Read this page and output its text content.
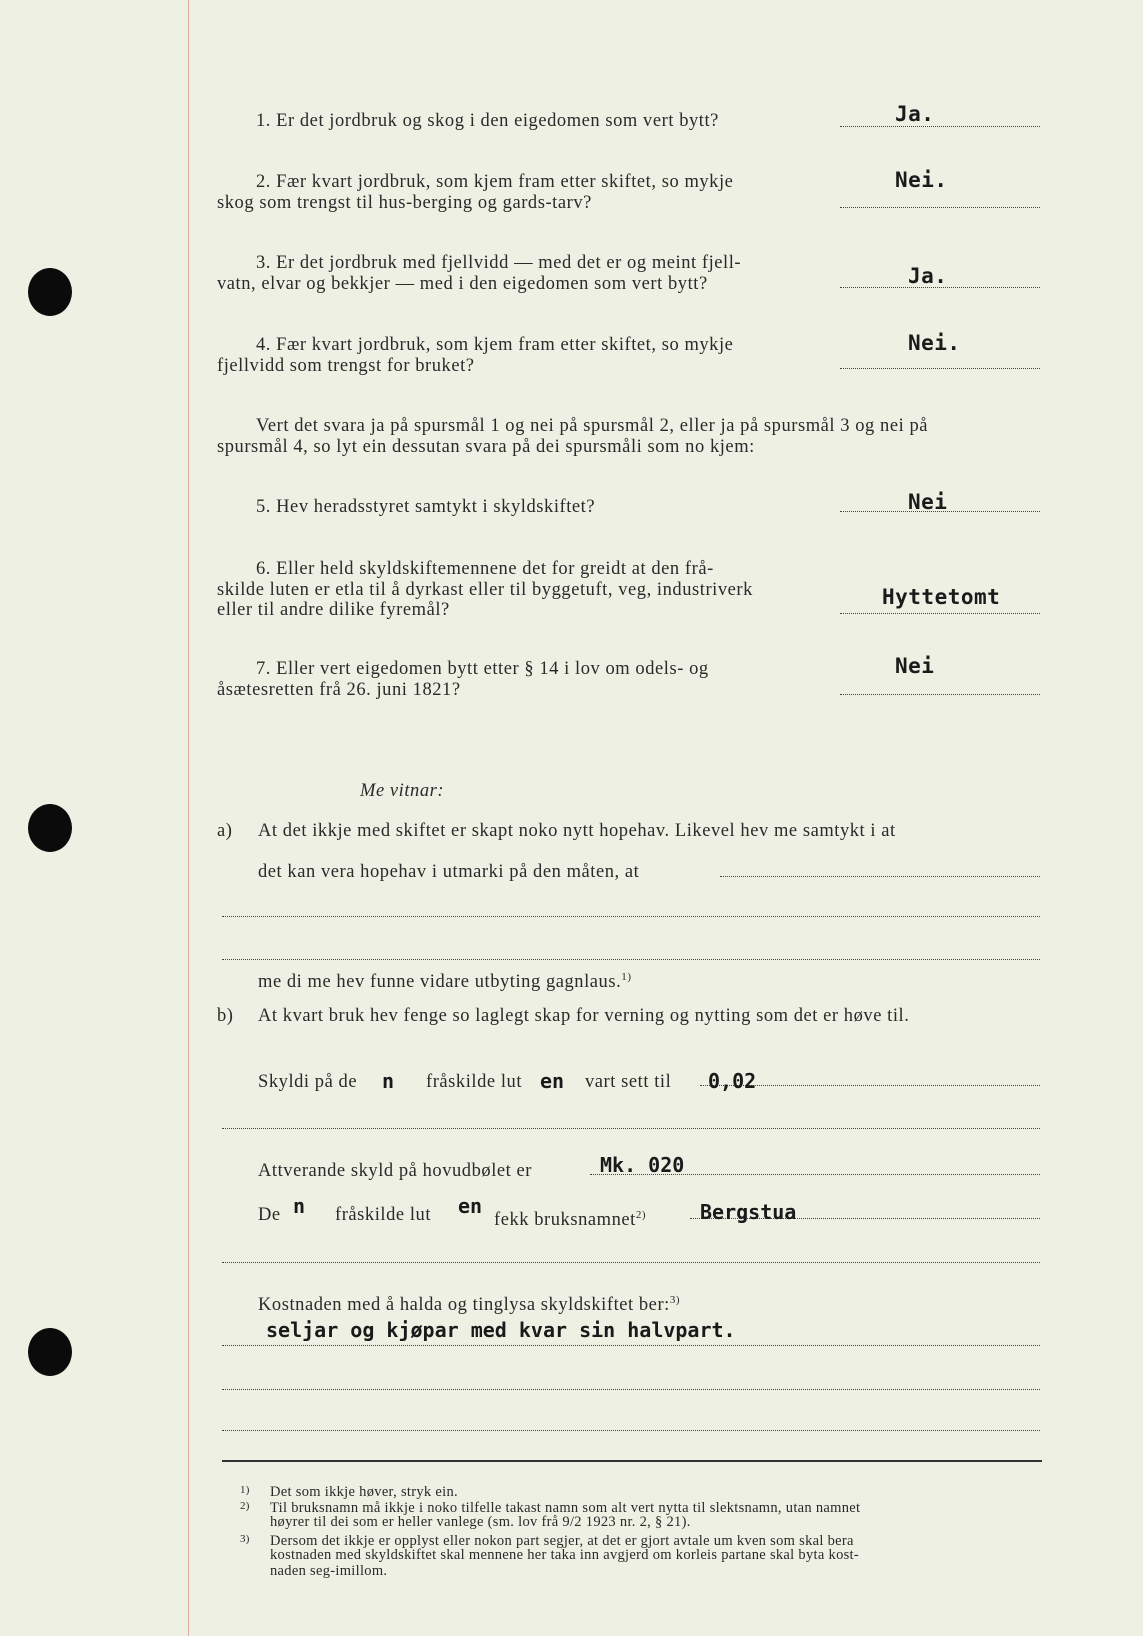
1. Er det jordbruk og skog i den eigedomen som vert bytt?	Ja.
2. Fær kvart jordbruk, som kjem fram etter skiftet, so mykje
skog som trengst til hus-berging og gards-tarv?
Nei.
3. Er det jordbruk med fjellvidd — med det er og meint fjell-
vatn, elvar og bekkjer — med i den eigedomen som vert bytt?	Ja.
4. Fær kvart jordbruk, som kjem fram etter skiftet, so mykje
fjellvidd som trengst for bruket?
Nei.
Vert det svara ja på spursmål 1 og nei på spursmål 2, eller ja på spursmål 3 og nei på
spursmål 4, so lyt ein dessutan svara på dei spursmåli som no kjem:
5. Hev heradsstyret samtykt i skyldskiftet?	Nei
6. Eller held skyldskiftemennene det for greidt at den frå-
skilde luten er etla til å dyrkast eller til byggetuft, veg, industriverk
eller til andre dilike fyremål?
Hyttetomt
7. Eller vert eigedomen bytt etter § 14 i lov om odels- og
åsætesretten frå 26. juni 1821?
Nei
Me vitnar:
a) At det ikkje med skiftet er skapt noko nytt hopehav. Likevel hev me samtykt i at
det kan vera hopehav i utmarki på den måten, at
me di me hev funne vidare utbyting gagnlaus.$^{1)}$
b) At kvart bruk hev fenge so laglegt skap for verning og nytting som det er høve til.
Skyldi på de n fråskilde lut en vart sett til 0,02
Attverande skyld på hovudbølet er	Mk. 020
De n fråskilde lut en
fekk bruksnamnet$^{2)}$	Bergstua
Kostnaden med å halda og tinglysa skyldskiftet ber:$^{3)}$
seljar og kjøpar med kvar sin halvpart.
1) Det som ikkje høver, stryk ein.
2) Til bruksnamn må ikkje i noko tilfelle takast namn som alt vert nytta til slektsnamn, utan namnet
høyrer til dei som er heller vanlege (sm. lov frå 9/2 1923 nr. 2, § 21).
3) Dersom det ikkje er opplyst eller nokon part segjer, at det er gjort avtale um kven som skal bera
kostnaden med skyldskiftet skal mennene her taka inn avgjerd om korleis partane skal byta kost-
naden seg-imillom.
